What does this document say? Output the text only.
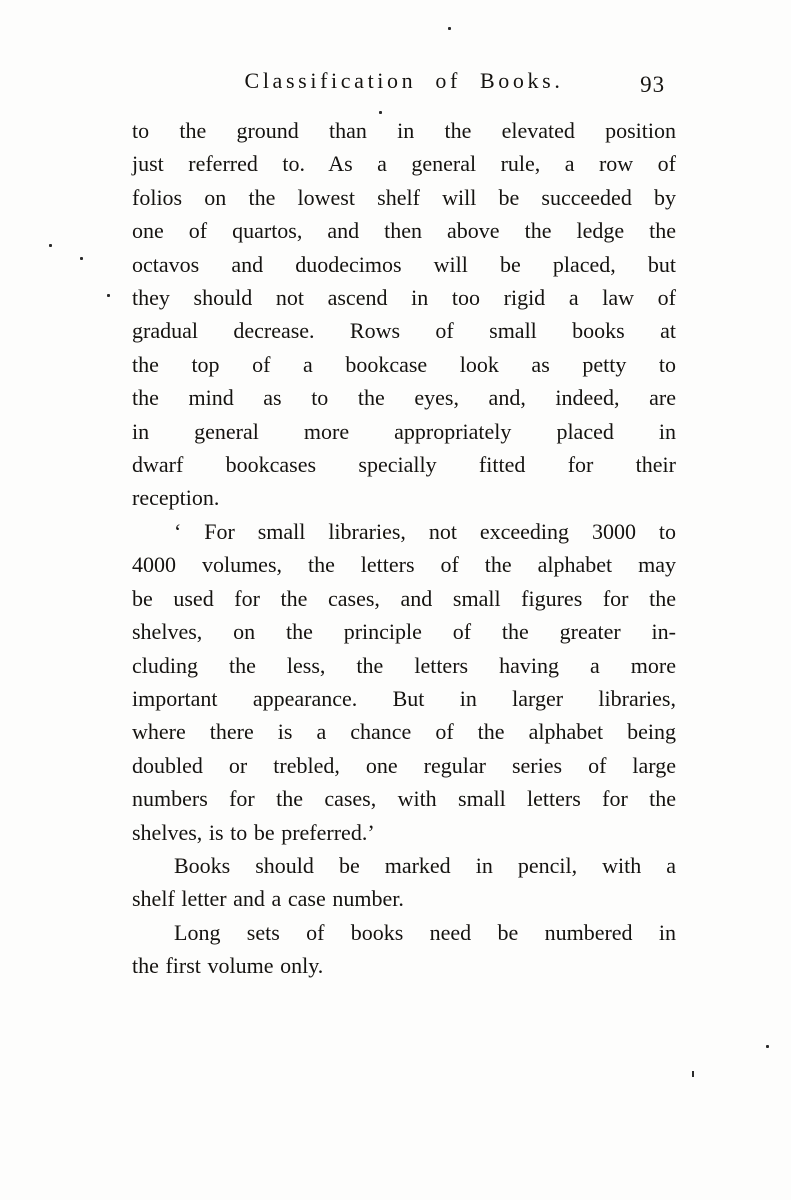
Classification of Books.	93
to the ground than in the elevated position
just referred to. As a general rule, a row of
folios on the lowest shelf will be succeeded by
one of quartos, and then above the ledge the
octavos and duodecimos will be placed, but
they should not ascend in too rigid a law of
gradual decrease. Rows of small books at
the top of a bookcase look as petty to
the mind as to the eyes, and, indeed, are
in general more appropriately placed in
dwarf bookcases specially fitted for their
reception.
‘ For small libraries, not exceeding 3000 to
4000 volumes, the letters of the alphabet may
be used for the cases, and small figures for the
shelves, on the principle of the greater in-
cluding the less, the letters having a more
important appearance. But in larger libraries,
where there is a chance of the alphabet being
doubled or trebled, one regular series of large
numbers for the cases, with small letters for the
shelves, is to be preferred.’
Books should be marked in pencil, with a
shelf letter and a case number.
Long sets of books need be numbered in
the first volume only.
